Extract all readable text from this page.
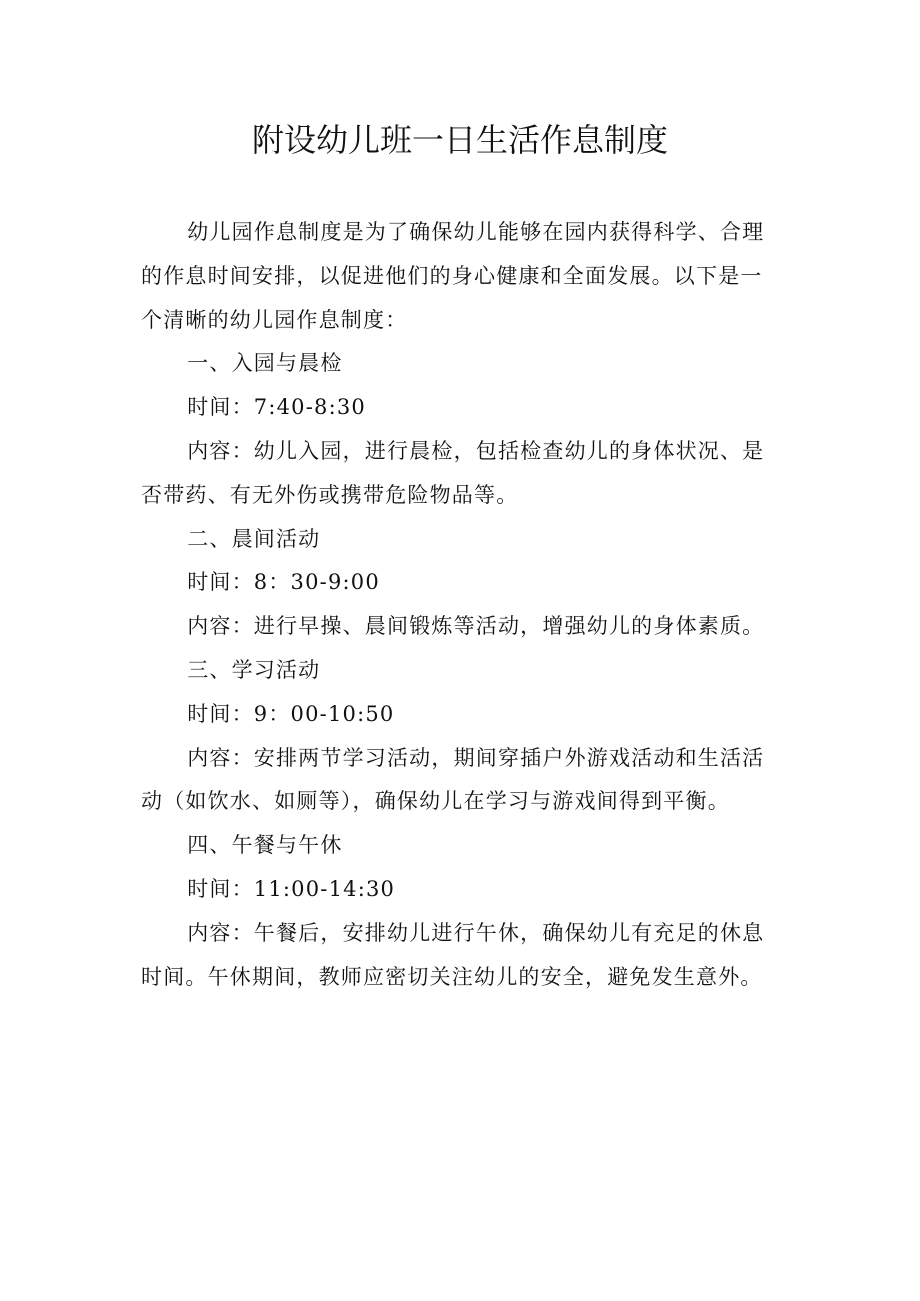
附设幼儿班一日生活作息制度

幼儿园作息制度是为了确保幼儿能够在园内获得科学、合理的作息时间安排，以促进他们的身心健康和全面发展。以下是一个清晰的幼儿园作息制度：

一、入园与晨检

时间：7:40-8:30

内容：幼儿入园，进行晨检，包括检查幼儿的身体状况、是否带药、有无外伤或携带危险物品等。

二、晨间活动

时间：8：30-9:00

内容：进行早操、晨间锻炼等活动，增强幼儿的身体素质。

三、学习活动

时间：9：00-10:50

内容：安排两节学习活动，期间穿插户外游戏活动和生活活动（如饮水、如厕等），确保幼儿在学习与游戏间得到平衡。

四、午餐与午休

时间：11:00-14:30

内容：午餐后，安排幼儿进行午休，确保幼儿有充足的休息时间。午休期间，教师应密切关注幼儿的安全，避免发生意外。
